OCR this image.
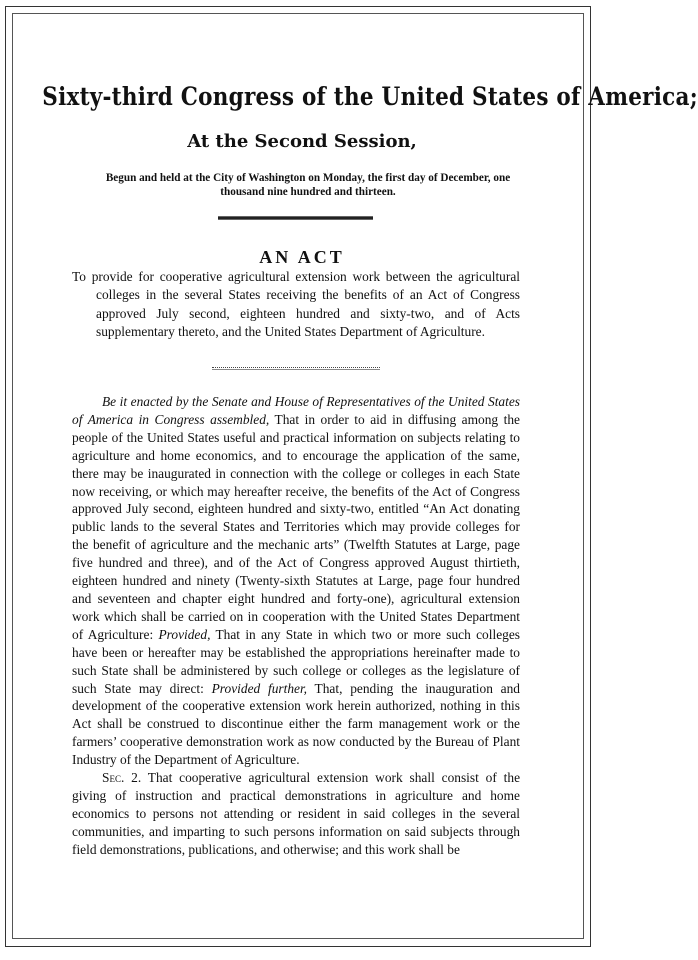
Sixty-third Congress of the United States of America;
At the Second Session,
Begun and held at the City of Washington on Monday, the first day of December, one thousand nine hundred and thirteen.
AN ACT
To provide for cooperative agricultural extension work between the agricultural colleges in the several States receiving the benefits of an Act of Congress approved July second, eighteen hundred and sixty-two, and of Acts supplementary thereto, and the United States Department of Agriculture.

Be it enacted by the Senate and House of Representatives of the United States of America in Congress assembled, That in order to aid in diffusing among the people of the United States useful and practical information on subjects relating to agriculture and home economics, and to encourage the application of the same, there may be inaugurated in connection with the college or colleges in each State now receiving, or which may hereafter receive, the benefits of the Act of Congress approved July second, eighteen hundred and sixty-two, entitled “An Act donating public lands to the several States and Territories which may provide colleges for the benefit of agriculture and the mechanic arts” (Twelfth Statutes at Large, page five hundred and three), and of the Act of Congress approved August thirtieth, eighteen hundred and ninety (Twenty-sixth Statutes at Large, page four hundred and seventeen and chapter eight hundred and forty-one), agricultural extension work which shall be carried on in cooperation with the United States Department of Agriculture: Provided, That in any State in which two or more such colleges have been or hereafter may be established the appropriations hereinafter made to such State shall be administered by such college or colleges as the legislature of such State may direct: Provided further, That, pending the inauguration and development of the cooperative extension work herein authorized, nothing in this Act shall be construed to discontinue either the farm management work or the farmers’ cooperative demonstration work as now conducted by the Bureau of Plant Industry of the Department of Agriculture.

Sec. 2. That cooperative agricultural extension work shall consist of the giving of instruction and practical demonstrations in agriculture and home economics to persons not attending or resident in said colleges in the several communities, and imparting to such persons information on said subjects through field demonstrations, publications, and otherwise; and this work shall be
